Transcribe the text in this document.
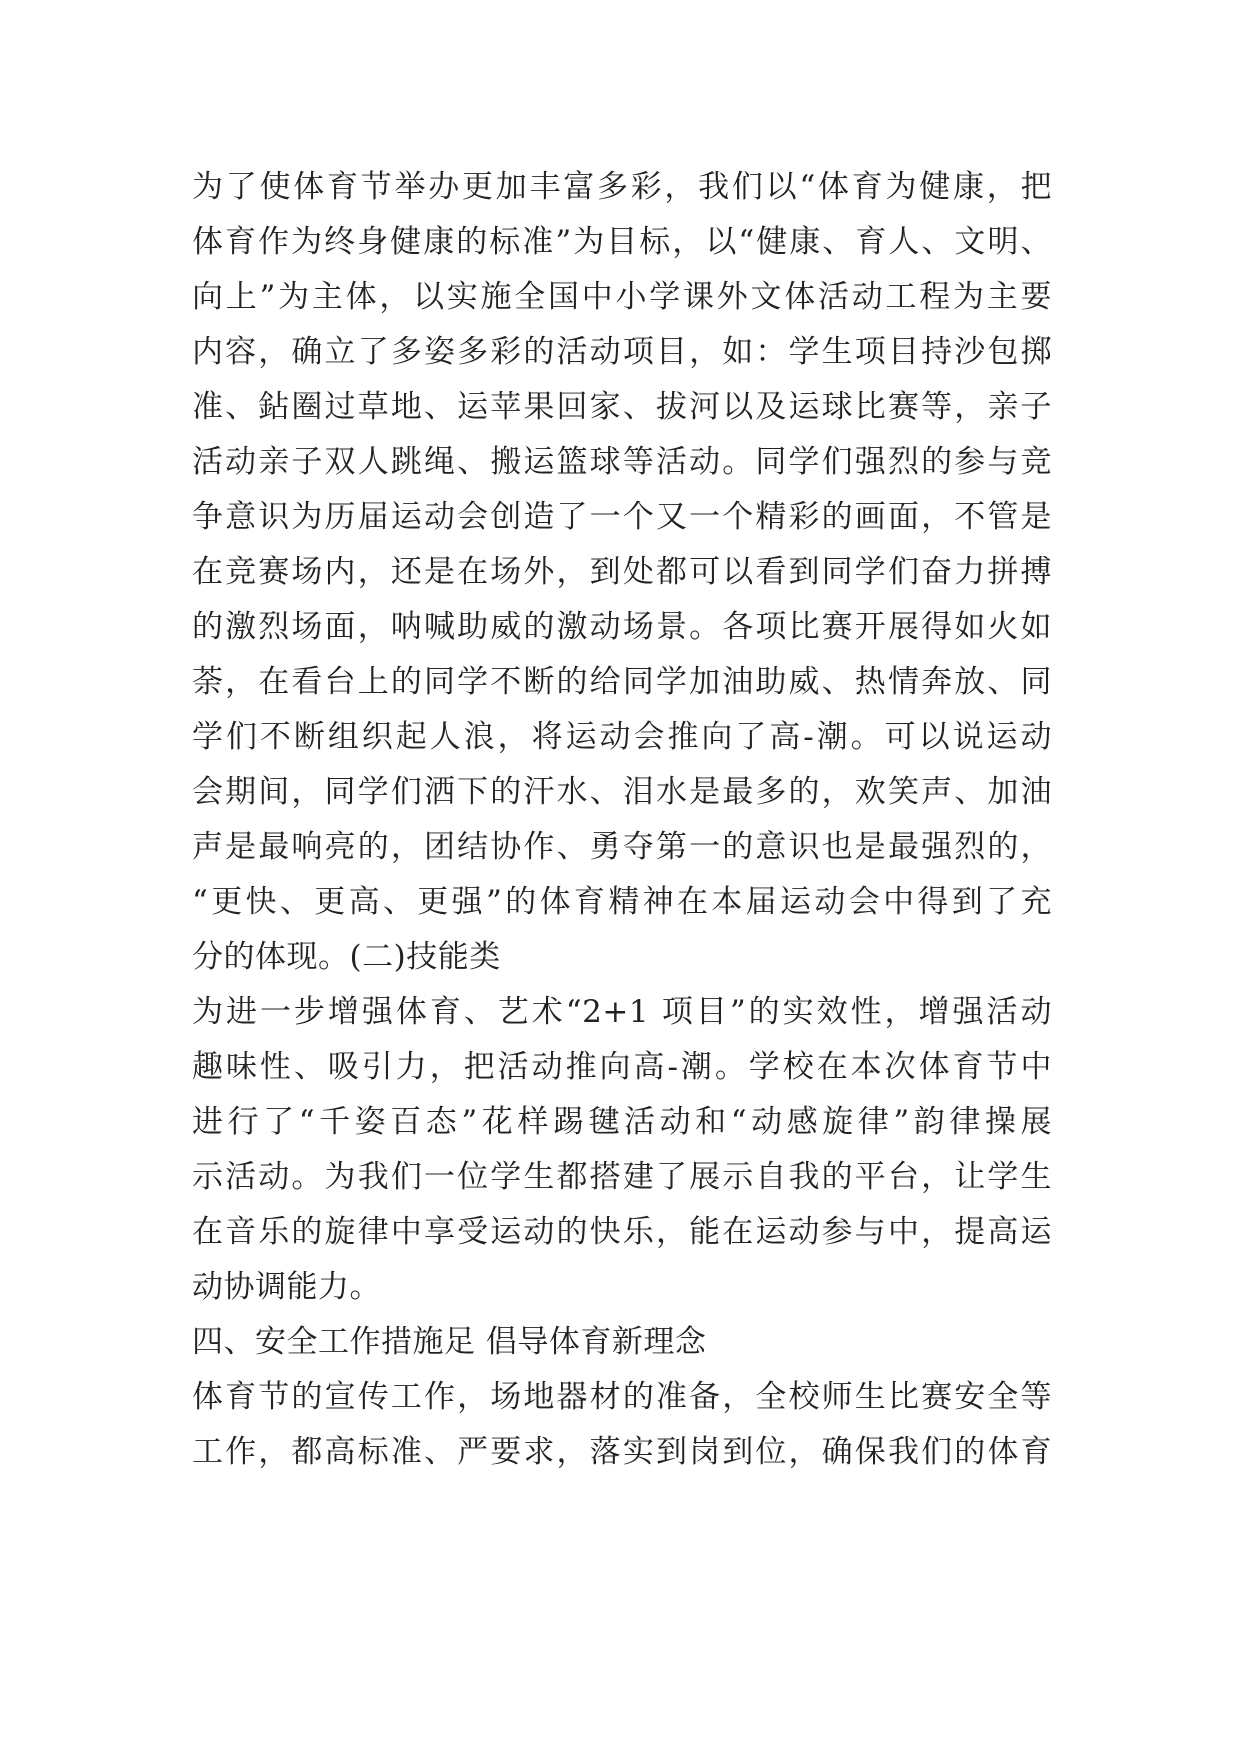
为了使体育节举办更加丰富多彩，我们以“体育为健康，把
体育作为终身健康的标准”为目标，以“健康、育人、文明、
向上”为主体，以实施全国中小学课外文体活动工程为主要
内容，确立了多姿多彩的活动项目，如：学生项目持沙包掷
准、鉆圈过草地、运苹果回家、拔河以及运球比赛等，亲子
活动亲子双人跳绳、搬运篮球等活动。同学们强烈的参与竞
争意识为历届运动会创造了一个又一个精彩的画面，不管是
在竞赛场内，还是在场外，到处都可以看到同学们奋力拼搏
的激烈场面，呐喊助威的激动场景。各项比赛开展得如火如
荼，在看台上的同学不断的给同学加油助威、热情奔放、同
学们不断组织起人浪，将运动会推向了高-潮。可以说运动
会期间，同学们洒下的汗水、泪水是最多的，欢笑声、加油
声是最响亮的，团结协作、勇夺第一的意识也是最强烈的，
“更快、更高、更强”的体育精神在本届运动会中得到了充
分的体现。(二)技能类
为进一步增强体育、艺术“2+1 项目”的实效性，增强活动
趣味性、吸引力，把活动推向高-潮。学校在本次体育节中
进行了“千姿百态”花样踢毽活动和“动感旋律”韵律操展
示活动。为我们一位学生都搭建了展示自我的平台，让学生
在音乐的旋律中享受运动的快乐，能在运动参与中，提高运
动协调能力。
四、安全工作措施足 倡导体育新理念
体育节的宣传工作，场地器材的准备，全校师生比赛安全等
工作，都高标准、严要求，落实到岗到位，确保我们的体育
